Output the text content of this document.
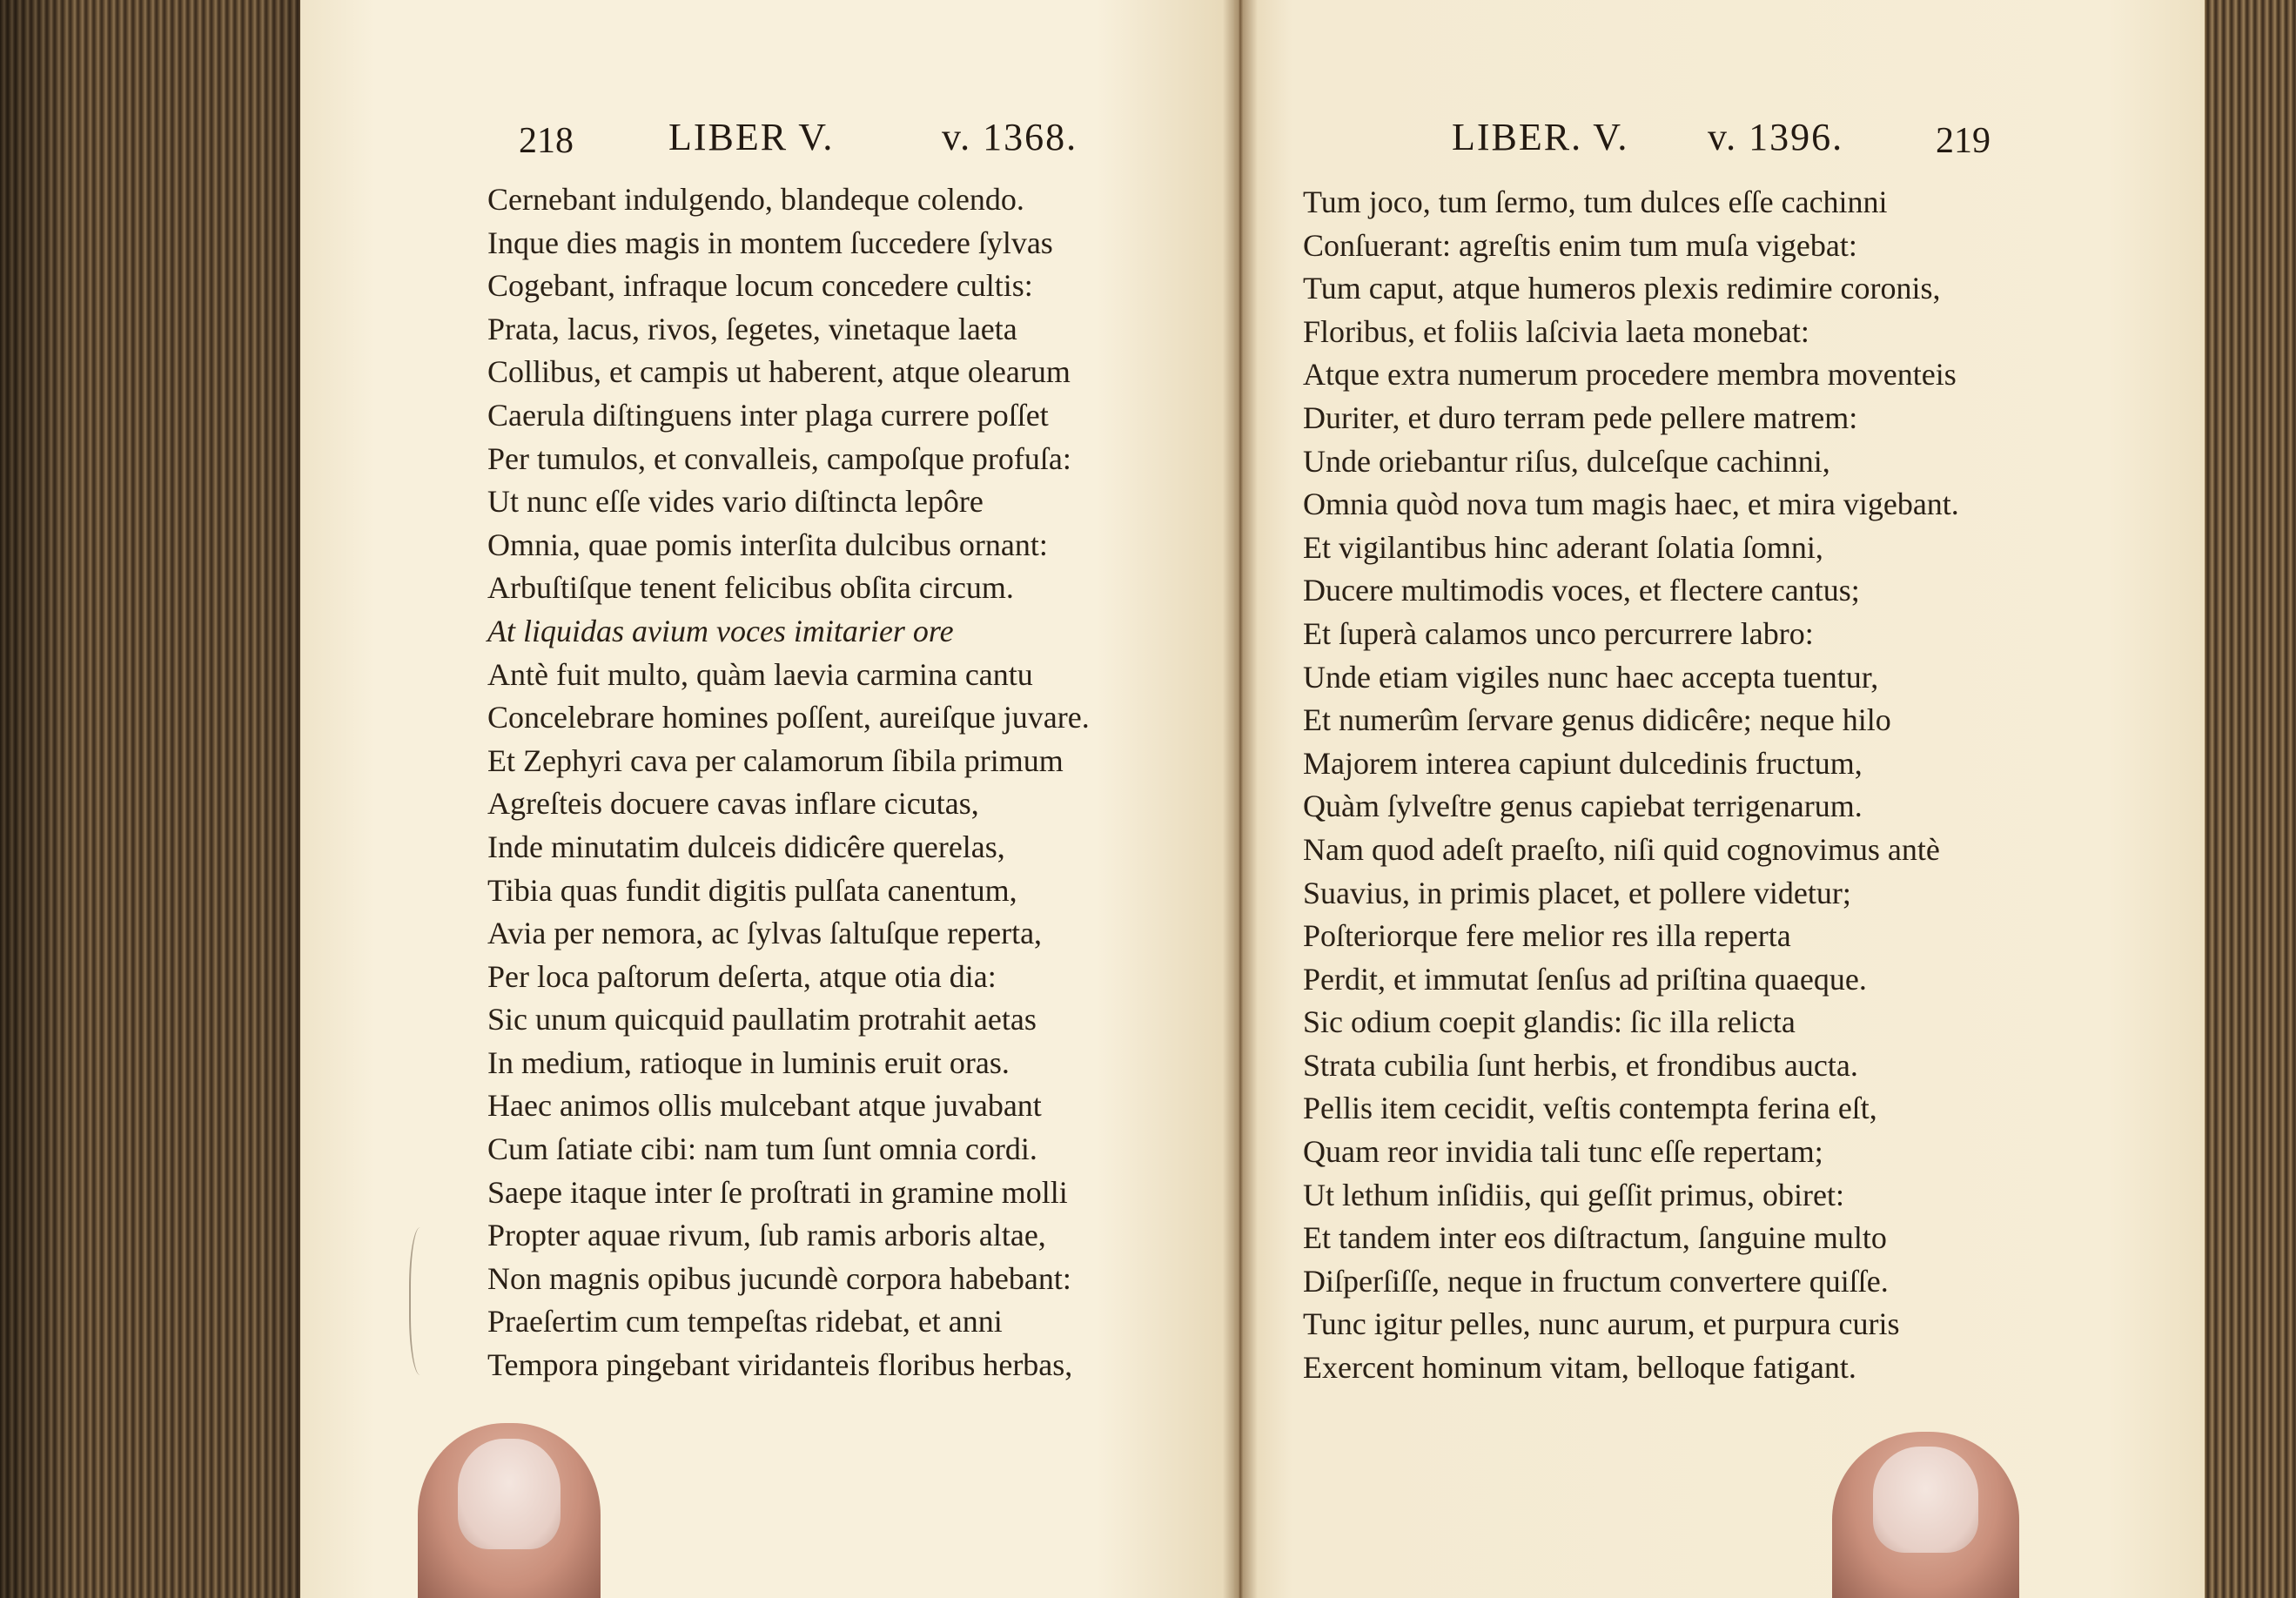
218 LIBER V.	v. 1368.	LIBER. V. v. 1396.	219
Cernebant indulgendo, blandeque colendo.
Inque dies magis in montem ſuccedere ſylvas
Cogebant, infraque locum concedere cultis:
Prata, lacus, rivos, ſegetes, vinetaque laeta
Collibus, et campis ut haberent, atque olearum
Caerula diſtinguens inter plaga currere poſſet
Per tumulos, et convalleis, campoſque profuſa:
Ut nunc eſſe vides vario diſtincta lepôre
Omnia, quae pomis interſita dulcibus ornant:
Arbuſtiſque tenent felicibus obſita circum.
At liquidas avium voces imitarier ore
Antè fuit multo, quàm laevia carmina cantu
Concelebrare homines poſſent, aureiſque juvare.
Et Zephyri cava per calamorum ſibila primum
Agreſteis docuere cavas inflare cicutas,
Inde minutatim dulceis didicêre querelas,
Tibia quas fundit digitis pulſata canentum,
Avia per nemora, ac ſylvas ſaltuſque reperta,
Per loca paſtorum deſerta, atque otia dia:
Sic unum quicquid paullatim protrahit aetas
In medium, ratioque in luminis eruit oras.
Haec animos ollis mulcebant atque juvabant
Cum ſatiate cibi: nam tum ſunt omnia cordi.
Saepe itaque inter ſe proſtrati in gramine molli
Propter aquae rivum, ſub ramis arboris altae,
Non magnis opibus jucundè corpora habebant:
Praeſertim cum tempeſtas ridebat, et anni
Tempora pingebant viridanteis floribus herbas,
Tum joco, tum ſermo, tum dulces eſſe cachinni
Conſuerant: agreſtis enim tum muſa vigebat:
Tum caput, atque humeros plexis redimire coronis,
Floribus, et foliis laſcivia laeta monebat:
Atque extra numerum procedere membra moventeis
Duriter, et duro terram pede pellere matrem:
Unde oriebantur riſus, dulceſque cachinni,
Omnia quòd nova tum magis haec, et mira vigebant.
Et vigilantibus hinc aderant ſolatia ſomni,
Ducere multimodis voces, et flectere cantus;
Et ſuperà calamos unco percurrere labro:
Unde etiam vigiles nunc haec accepta tuentur,
Et numerûm ſervare genus didicêre; neque hilo
Majorem interea capiunt dulcedinis fructum,
Quàm ſylveſtre genus capiebat terrigenarum.
Nam quod adeſt praeſto, niſi quid cognovimus antè
Suavius, in primis placet, et pollere videtur;
Poſteriorque fere melior res illa reperta
Perdit, et immutat ſenſus ad priſtina quaeque.
Sic odium coepit glandis: ſic illa relicta
Strata cubilia ſunt herbis, et frondibus aucta.
Pellis item cecidit, veſtis contempta ferina eſt,
Quam reor invidia tali tunc eſſe repertam;
Ut lethum inſidiis, qui geſſit primus, obiret:
Et tandem inter eos diſtractum, ſanguine multo
Diſperſiſſe, neque in fructum convertere quiſſe.
Tunc igitur pelles, nunc aurum, et purpura curis
Exercent hominum vitam, belloque fatigant.
